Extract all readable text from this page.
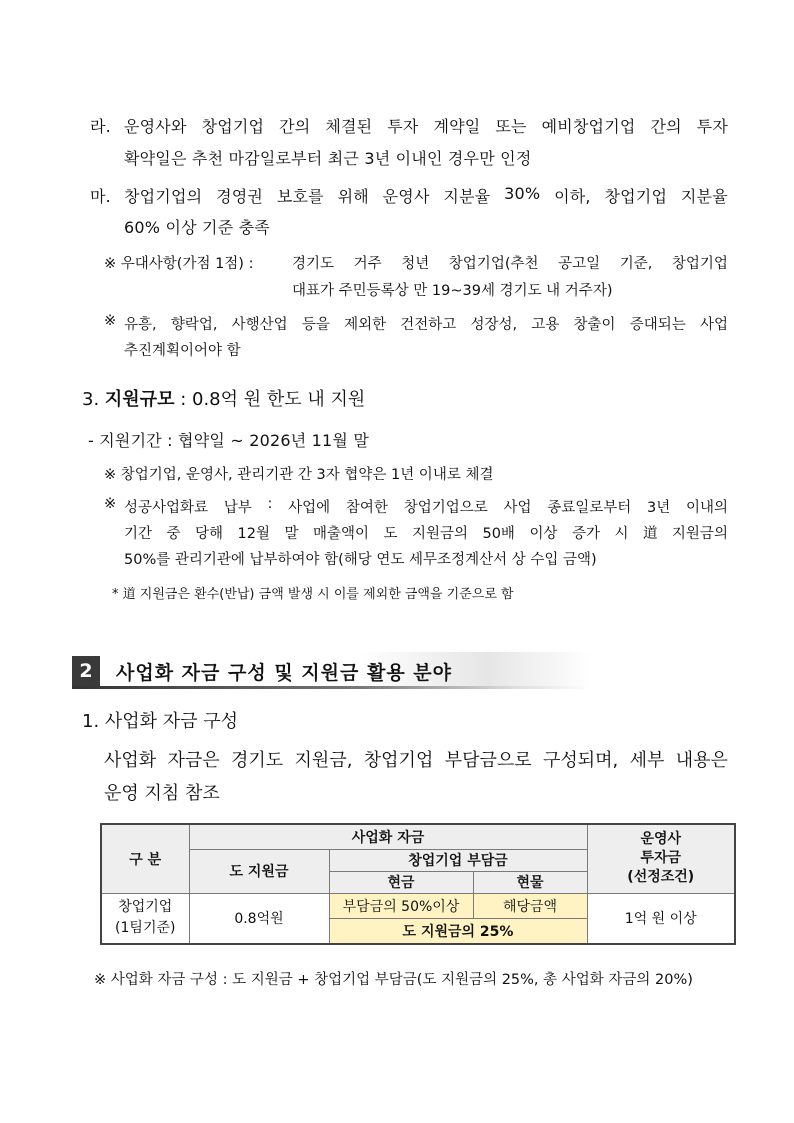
라. 운영사와 창업기업 간의 체결된 투자 계약일 또는 예비창업기업 간의 투자
확약일은 추천 마감일로부터 최근 3년 이내인 경우만 인정
마. 창업기업의 경영권 보호를 위해 운영사 지분율 30% 이하, 창업기업 지분율
60% 이상 기준 충족
※ 우대사항(가점 1점) :	경기도 거주 청년 창업기업(추천 공고일 기준, 창업기업
대표가 주민등록상 만 19~39세 경기도 내 거주자)
※ 유흥, 향락업, 사행산업 등을 제외한 건전하고 성장성, 고용 창출이 증대되는 사업
추진계획이어야 함
3. 지원규모 : 0.8억 원 한도 내 지원
- 지원기간 : 협약일 ~ 2026년 11월 말
※ 창업기업, 운영사, 관리기관 간 3자 협약은 1년 이내로 체결
※ 성공사업화료 납부 : 사업에 참여한 창업기업으로 사업 종료일로부터 3년 이내의
기간 중 당해 12월 말 매출액이 도 지원금의 50배 이상 증가 시 道 지원금의
50%를 관리기관에 납부하여야 함(해당 연도 세무조정계산서 상 수입 금액)
* 道 지원금은 환수(반납) 금액 발생 시 이를 제외한 금액을 기준으로 함
2	사업화 자금 구성 및 지원금 활용 분야
1. 사업화 자금 구성
사업화 자금은 경기도 지원금, 창업기업 부담금으로 구성되며, 세부 내용은
운영 지침 참조
구 분	사업화 자금			운영사
투자금
(선정조건)

	도 지원금	창업기업 부담금		
		현금	현물	

창업기업
(1팀기준)	0.8억원	부담금의 50%이상	해당금액	1억 원 이상
		도 지원금의 25%		
※ 사업화 자금 구성 : 도 지원금 + 창업기업 부담금(도 지원금의 25%, 총 사업화 자금의 20%)
